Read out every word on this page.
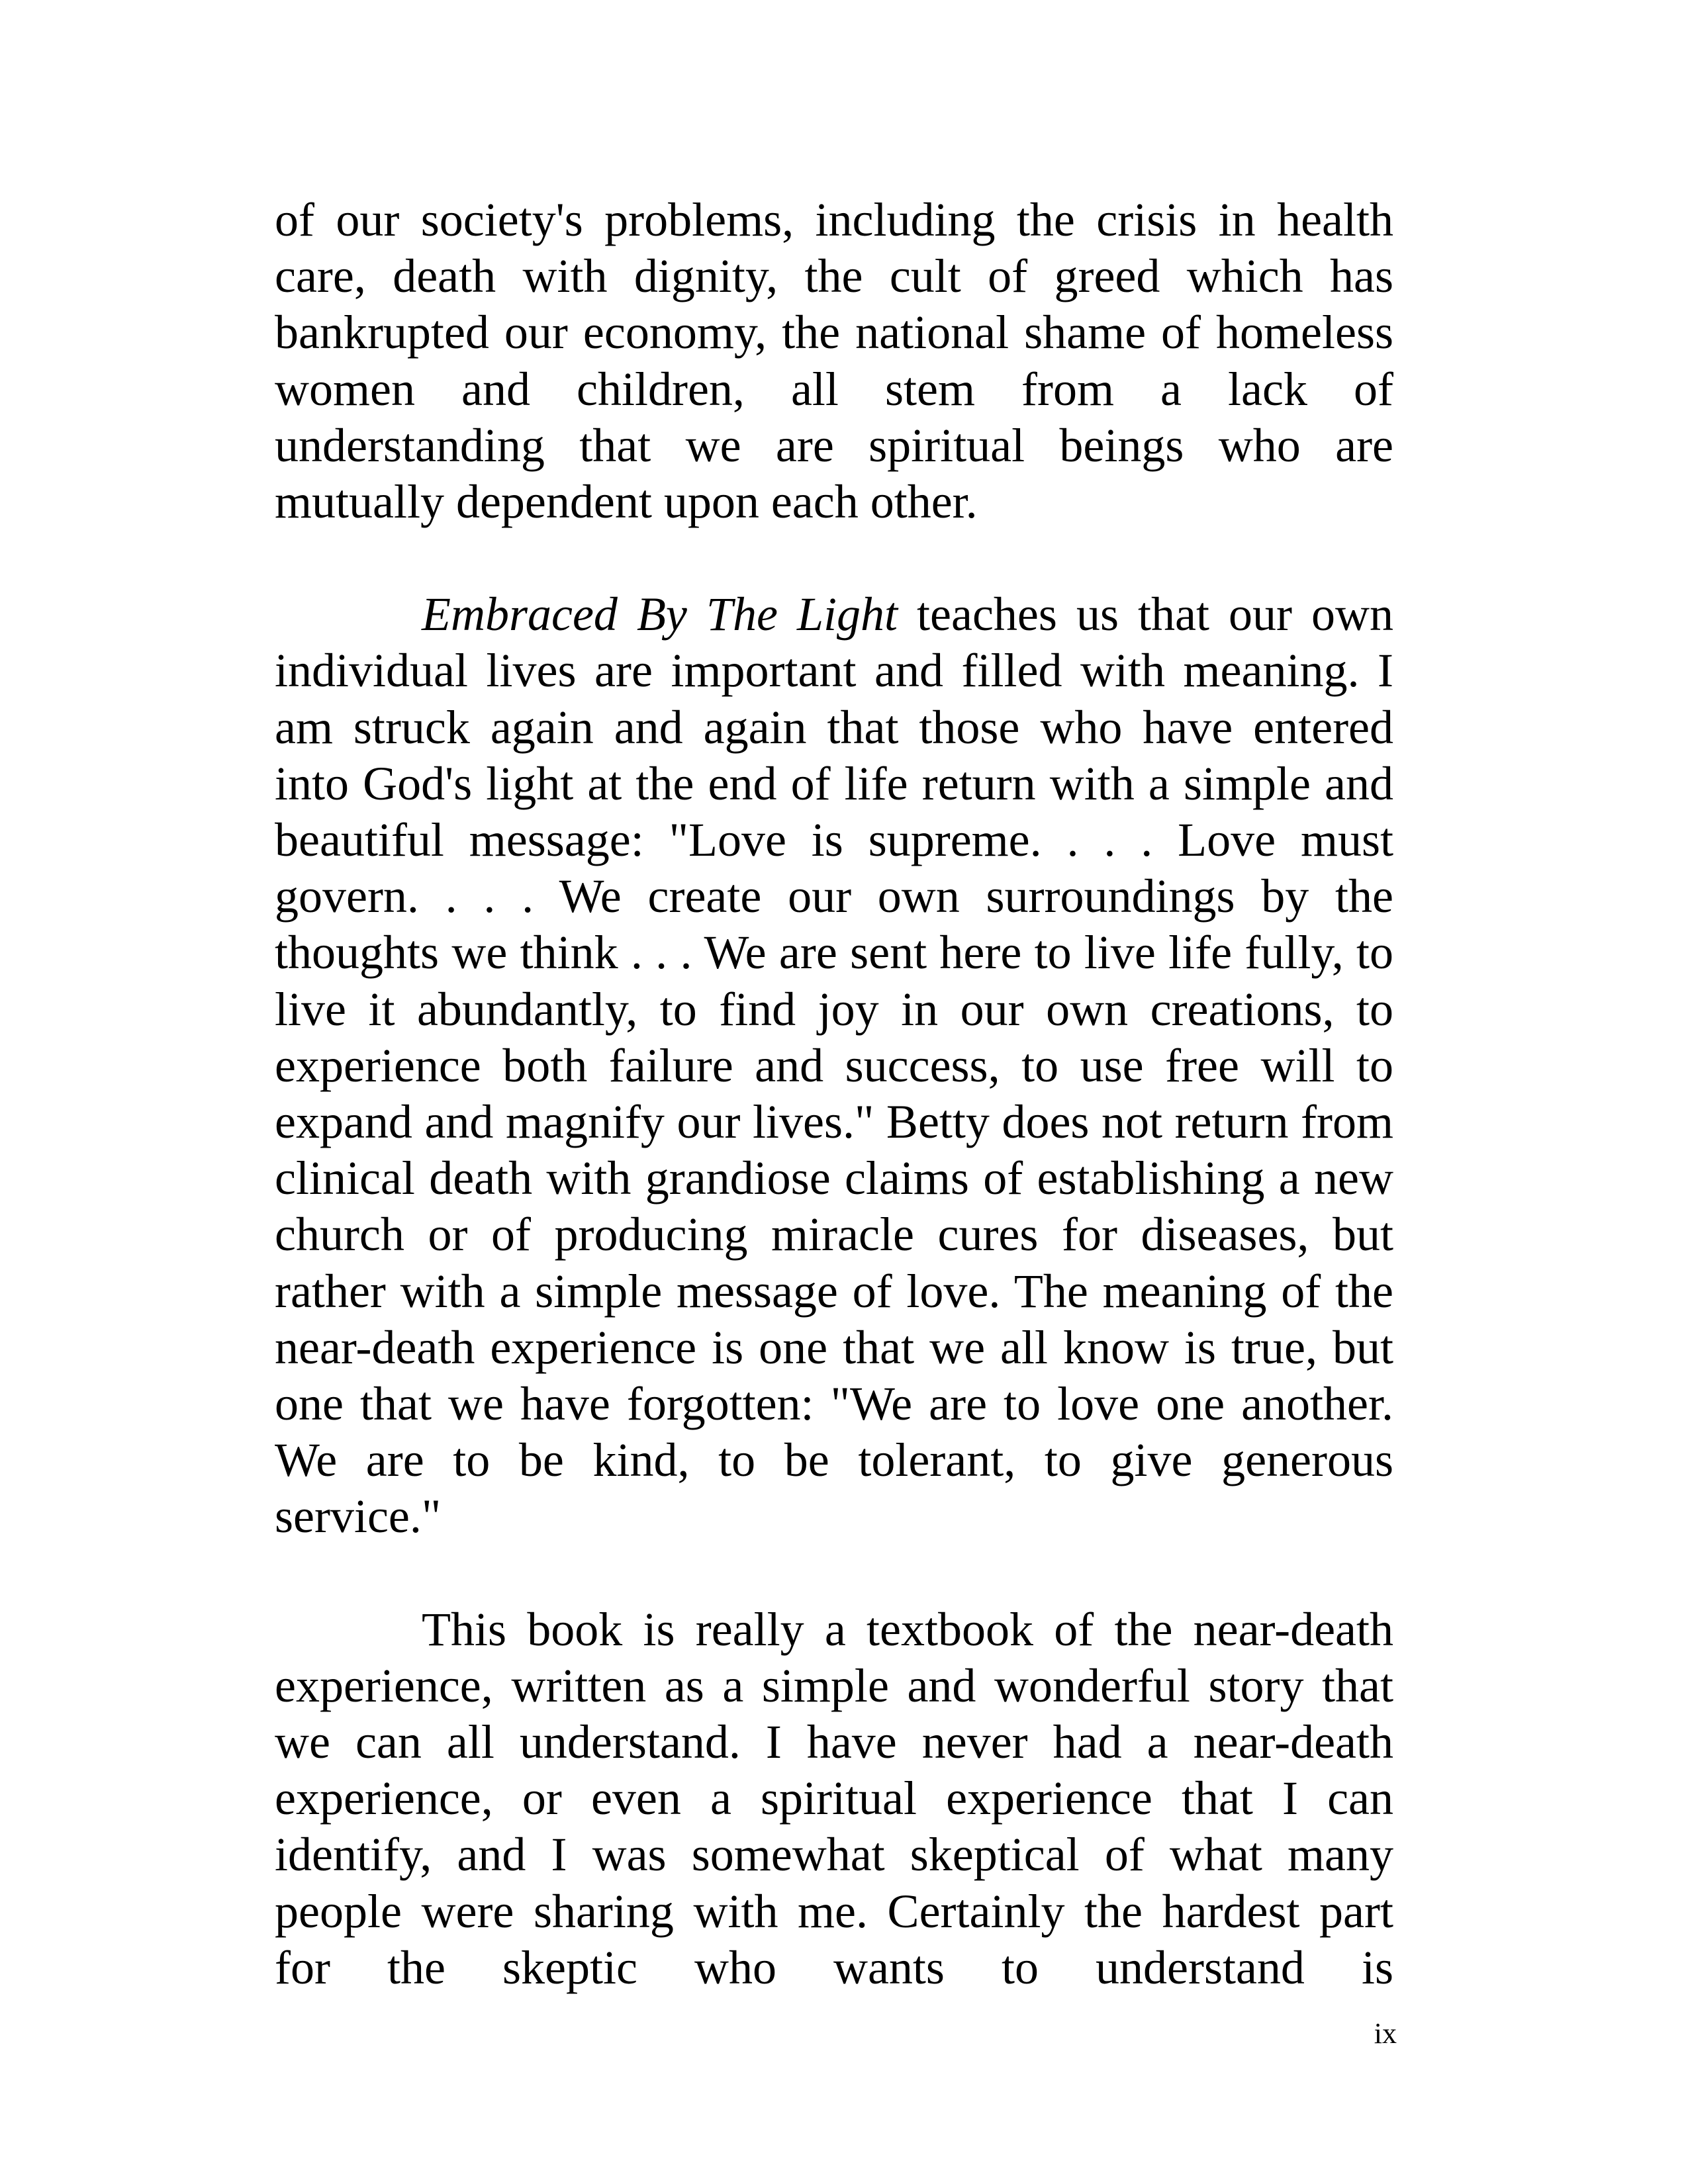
of our society's problems, including the crisis in health care, death with dignity, the cult of greed which has bankrupted our economy, the national shame of homeless women and children, all stem from a lack of understanding that we are spiritual beings who are mutually dependent upon each other.

Embraced By The Light teaches us that our own individual lives are important and filled with meaning. I am struck again and again that those who have entered into God's light at the end of life return with a simple and beautiful message: "Love is supreme. . . . Love must govern. . . . We create our own surroundings by the thoughts we think . . . We are sent here to live life fully, to live it abundantly, to find joy in our own creations, to experience both failure and success, to use free will to expand and magnify our lives." Betty does not return from clinical death with grandiose claims of establishing a new church or of producing miracle cures for diseases, but rather with a simple message of love. The meaning of the near-death experience is one that we all know is true, but one that we have forgotten: "We are to love one another. We are to be kind, to be tolerant, to give generous service."

This book is really a textbook of the near-death experience, written as a simple and wonderful story that we can all understand. I have never had a near-death experience, or even a spiritual experience that I can identify, and I was somewhat skeptical of what many people were sharing with me. Certainly the hardest part for the skeptic who wants to understand is

ix
